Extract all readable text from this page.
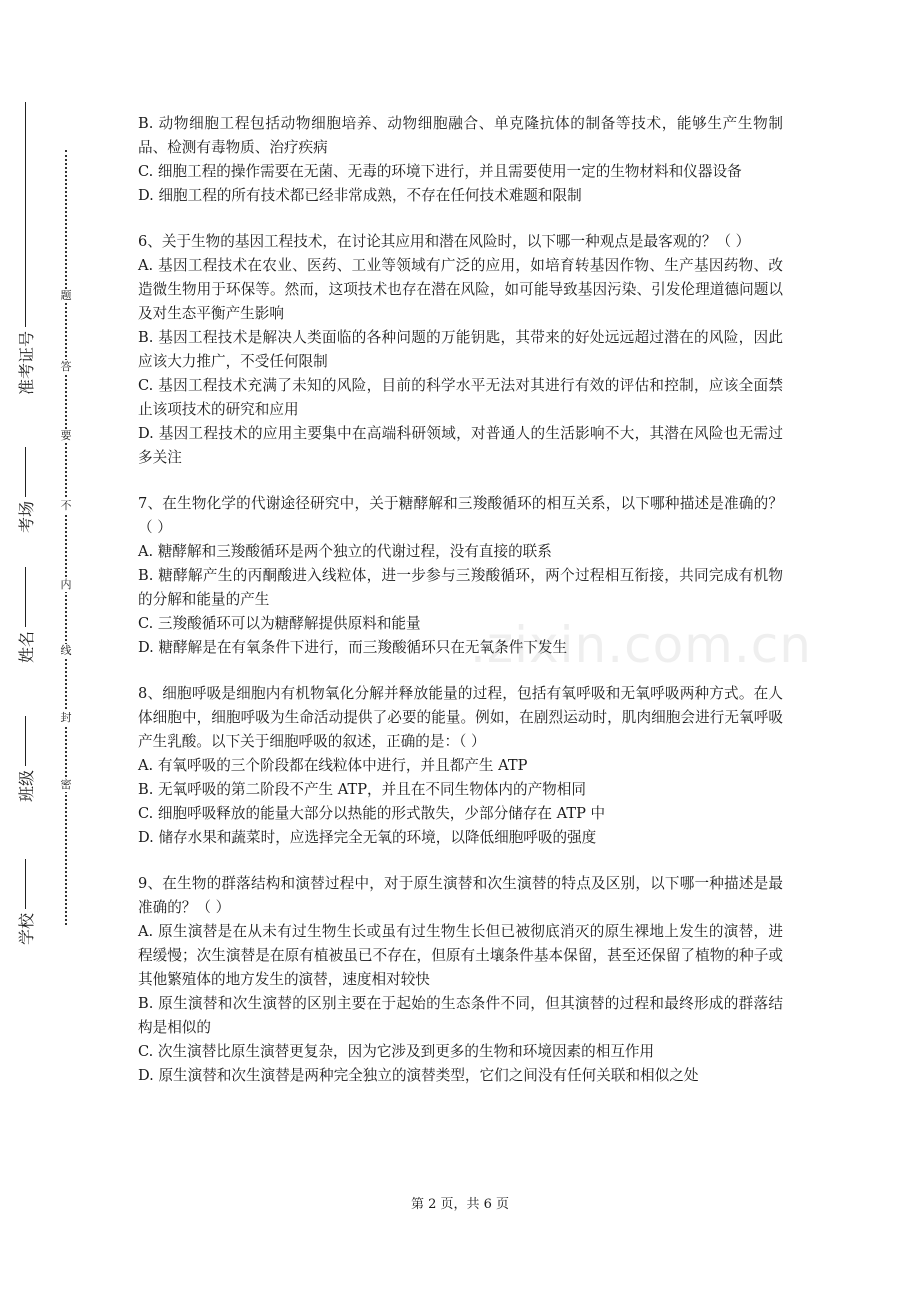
学校
班级
姓名
考场
准考证号
密
封
线
内
不
要
答
题
.zixin.com.cn

B. 动物细胞工程包括动物细胞培养、动物细胞融合、单克隆抗体的制备等技术，能够生产生物制品、检测有毒物质、治疗疾病

C. 细胞工程的操作需要在无菌、无毒的环境下进行，并且需要使用一定的生物材料和仪器设备

D. 细胞工程的所有技术都已经非常成熟，不存在任何技术难题和限制

6、关于生物的基因工程技术，在讨论其应用和潜在风险时，以下哪一种观点是最客观的？（ ）

A. 基因工程技术在农业、医药、工业等领域有广泛的应用，如培育转基因作物、生产基因药物、改造微生物用于环保等。然而，这项技术也存在潜在风险，如可能导致基因污染、引发伦理道德问题以及对生态平衡产生影响

B. 基因工程技术是解决人类面临的各种问题的万能钥匙，其带来的好处远远超过潜在的风险，因此应该大力推广，不受任何限制

C. 基因工程技术充满了未知的风险，目前的科学水平无法对其进行有效的评估和控制，应该全面禁止该项技术的研究和应用

D. 基因工程技术的应用主要集中在高端科研领域，对普通人的生活影响不大，其潜在风险也无需过多关注

7、在生物化学的代谢途径研究中，关于糖酵解和三羧酸循环的相互关系，以下哪种描述是准确的？（ ）

A. 糖酵解和三羧酸循环是两个独立的代谢过程，没有直接的联系

B. 糖酵解产生的丙酮酸进入线粒体，进一步参与三羧酸循环，两个过程相互衔接，共同完成有机物的分解和能量的产生

C. 三羧酸循环可以为糖酵解提供原料和能量

D. 糖酵解是在有氧条件下进行，而三羧酸循环只在无氧条件下发生

8、细胞呼吸是细胞内有机物氧化分解并释放能量的过程，包括有氧呼吸和无氧呼吸两种方式。在人体细胞中，细胞呼吸为生命活动提供了必要的能量。例如，在剧烈运动时，肌肉细胞会进行无氧呼吸产生乳酸。以下关于细胞呼吸的叙述，正确的是：（ ）

A. 有氧呼吸的三个阶段都在线粒体中进行，并且都产生 ATP

B. 无氧呼吸的第二阶段不产生 ATP，并且在不同生物体内的产物相同

C. 细胞呼吸释放的能量大部分以热能的形式散失，少部分储存在 ATP 中

D. 储存水果和蔬菜时，应选择完全无氧的环境，以降低细胞呼吸的强度

9、在生物的群落结构和演替过程中，对于原生演替和次生演替的特点及区别，以下哪一种描述是最准确的？（ ）

A. 原生演替是在从未有过生物生长或虽有过生物生长但已被彻底消灭的原生裸地上发生的演替，进程缓慢；次生演替是在原有植被虽已不存在，但原有土壤条件基本保留，甚至还保留了植物的种子或其他繁殖体的地方发生的演替，速度相对较快

B. 原生演替和次生演替的区别主要在于起始的生态条件不同，但其演替的过程和最终形成的群落结构是相似的

C. 次生演替比原生演替更复杂，因为它涉及到更多的生物和环境因素的相互作用

D. 原生演替和次生演替是两种完全独立的演替类型，它们之间没有任何关联和相似之处

第 2 页，共 6 页
